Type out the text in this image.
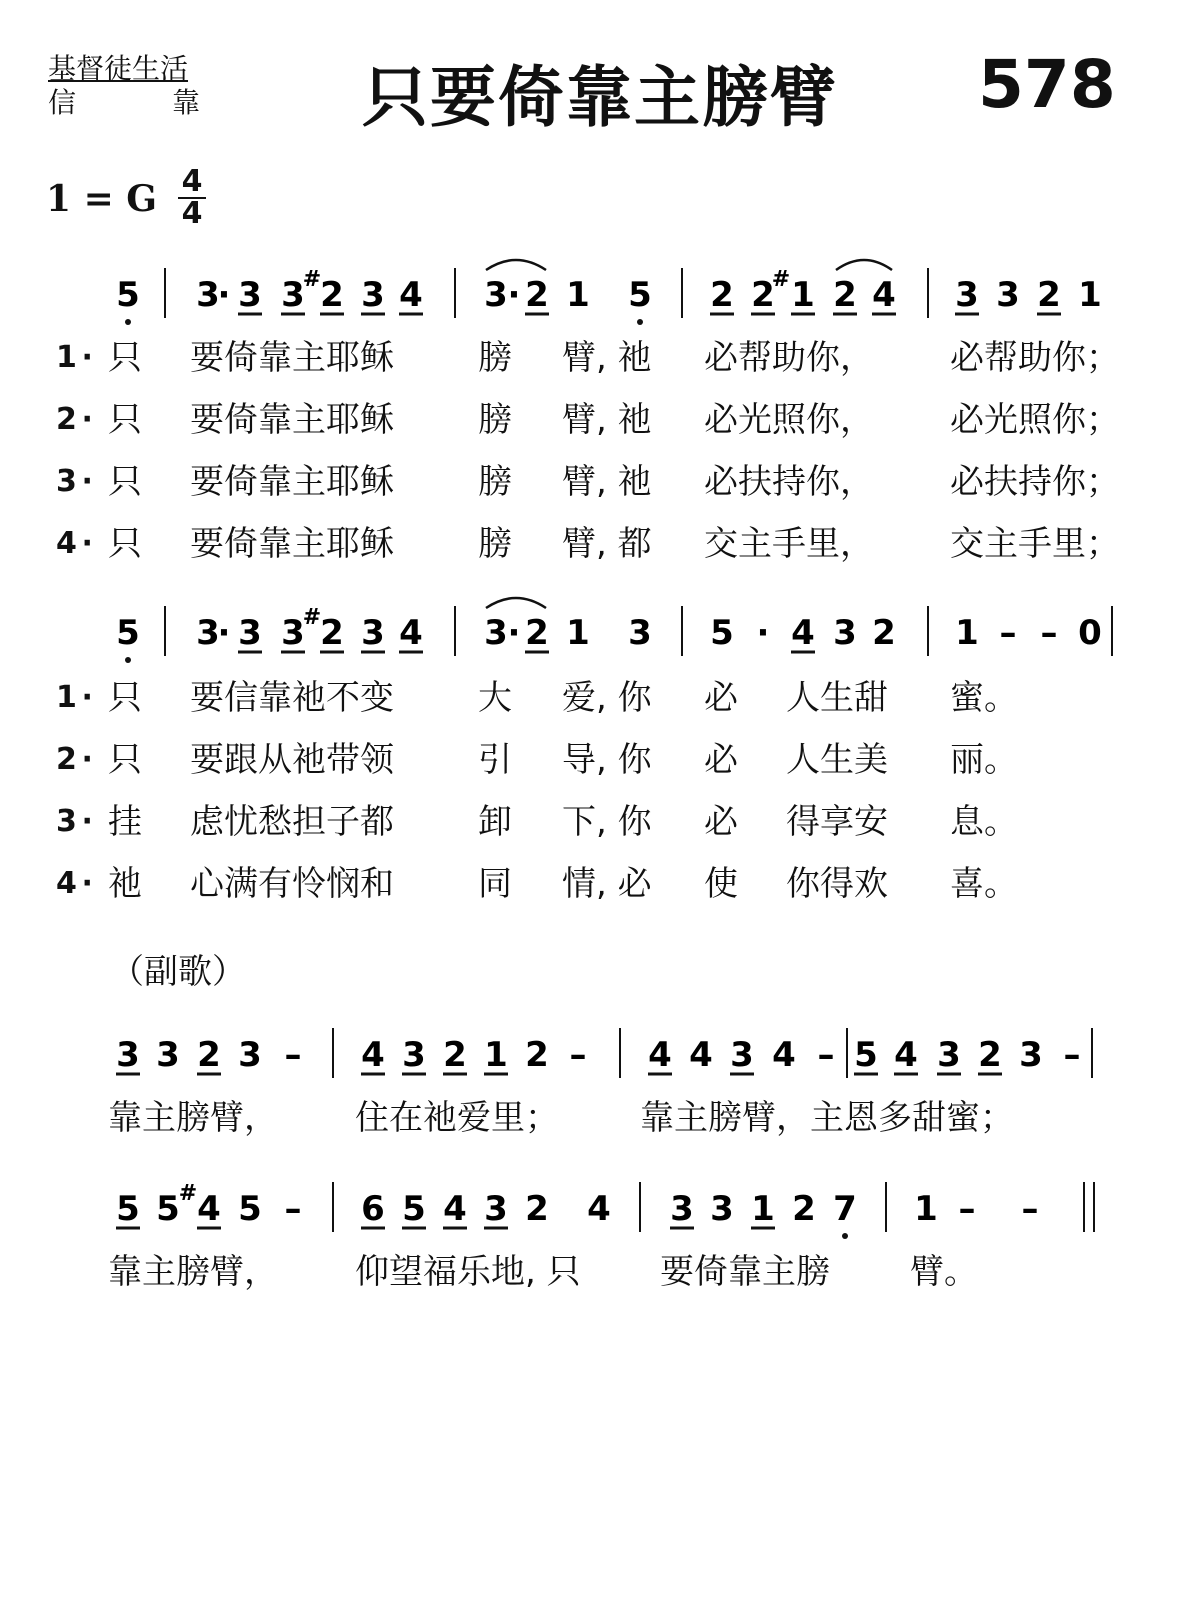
基督徒生活
信	靠 只要倚靠主膀臂 578
1 = G 4
4
5 3
· 3 3
#
2 3 4 3 · 2 1 5 2 2
# 1 2 4 3 3 2 1
1 · 只 要倚靠主耶稣 膀 臂, 祂 必帮助你， 必帮助你；
2 · 只 要倚靠主耶稣 膀 臂, 祂 必光照你， 必光照你；
3 · 只 要倚靠主耶稣 膀 臂, 祂 必扶持你， 必扶持你；
4 · 只 要倚靠主耶稣 膀 臂, 都 交主手里， 交主手里；
5 3
· 3 3
#
2 3 4 3 · 2 1 3 5 · 4 3 2 1 – – 0
1 · 只 要信靠祂不变 大 爱, 你 必 人生甜 蜜。
2 · 只 要跟从祂带领 引 导, 你 必 人生美 丽。
3 · 挂 虑忧愁担子都 卸 下, 你 必 得享安 息。
4 · 祂 心满有怜悯和 同 情, 必 使 你得欢 喜。
（副歌）
3 3 2 3 – 4 3 2 1 2 – 4 4 3 4 – 5 4 3 2 3 –
靠主膀臂， 住在祂爱里； 靠主膀臂，主恩多甜蜜；
5 5
# 4 5 – 6 5 4 3 2 4 3 3 1 2 7 1 – –
靠主膀臂， 仰望福乐地, 只 要倚靠主膀 臂。
